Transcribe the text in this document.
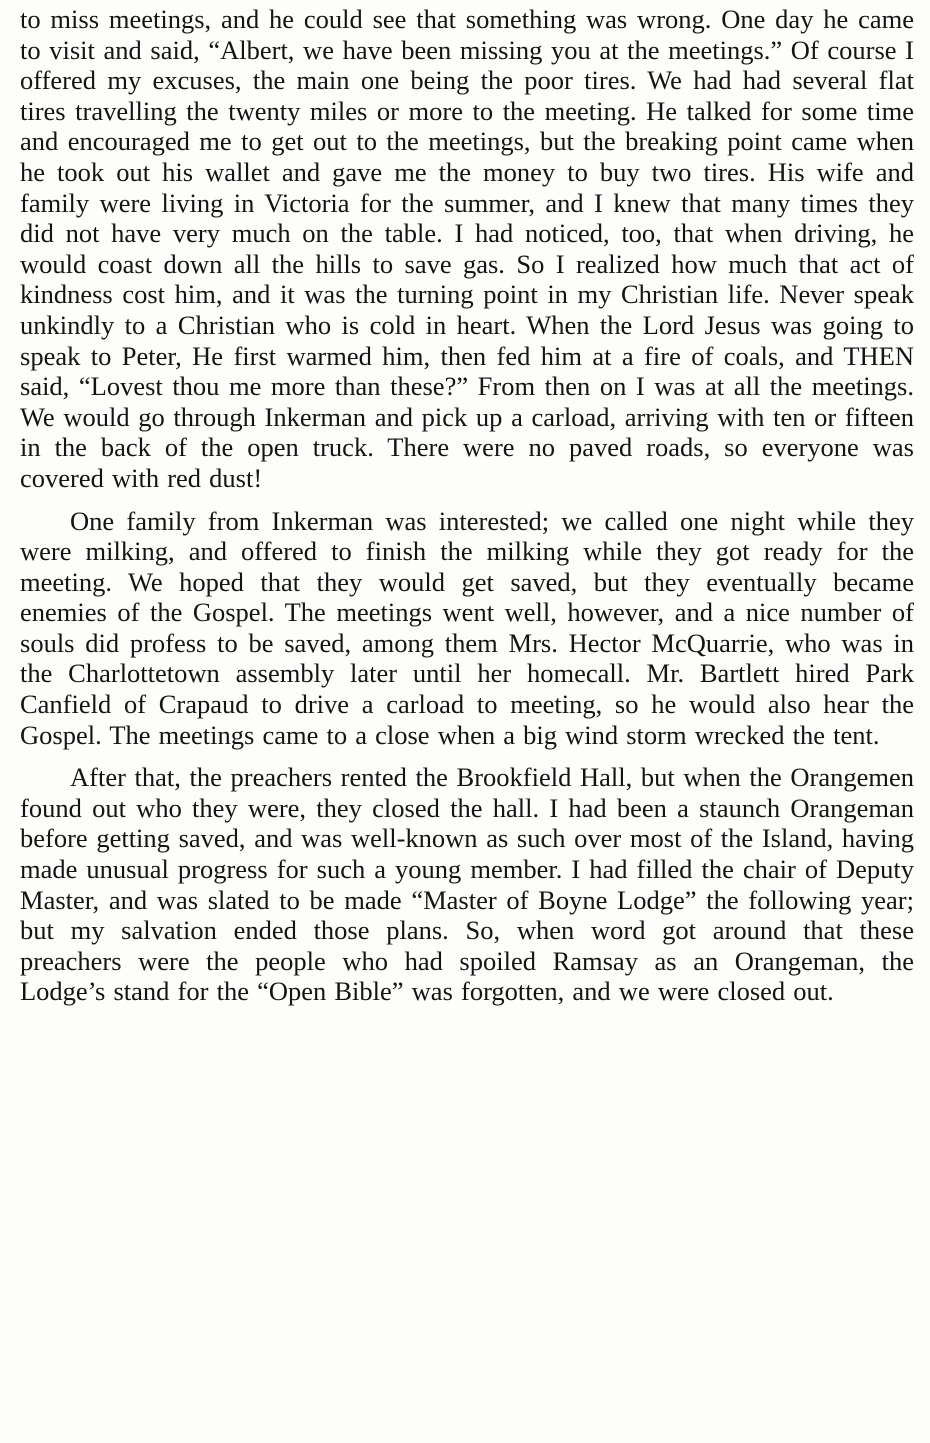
to miss meetings, and he could see that something was wrong. One day he came to visit and said, “Albert, we have been missing you at the meetings.” Of course I offered my excuses, the main one being the poor tires. We had had several flat tires travelling the twenty miles or more to the meeting. He talked for some time and encouraged me to get out to the meetings, but the breaking point came when he took out his wallet and gave me the money to buy two tires. His wife and family were living in Victoria for the summer, and I knew that many times they did not have very much on the table. I had noticed, too, that when driving, he would coast down all the hills to save gas. So I realized how much that act of kindness cost him, and it was the turning point in my Christian life. Never speak unkindly to a Christian who is cold in heart. When the Lord Jesus was going to speak to Peter, He first warmed him, then fed him at a fire of coals, and THEN said, “Lovest thou me more than these?” From then on I was at all the meetings. We would go through Inkerman and pick up a carload, arriving with ten or fifteen in the back of the open truck. There were no paved roads, so everyone was covered with red dust!

One family from Inkerman was interested; we called one night while they were milking, and offered to finish the milking while they got ready for the meeting. We hoped that they would get saved, but they eventually became enemies of the Gospel. The meetings went well, however, and a nice number of souls did profess to be saved, among them Mrs. Hector McQuarrie, who was in the Charlottetown assembly later until her homecall. Mr. Bartlett hired Park Canfield of Crapaud to drive a carload to meeting, so he would also hear the Gospel. The meetings came to a close when a big wind storm wrecked the tent.

After that, the preachers rented the Brookfield Hall, but when the Orangemen found out who they were, they closed the hall. I had been a staunch Orangeman before getting saved, and was well-known as such over most of the Island, having made unusual progress for such a young member. I had filled the chair of Deputy Master, and was slated to be made “Master of Boyne Lodge” the following year; but my salvation ended those plans. So, when word got around that these preachers were the people who had spoiled Ramsay as an Orangeman, the Lodge’s stand for the “Open Bible” was forgotten, and we were closed out.
